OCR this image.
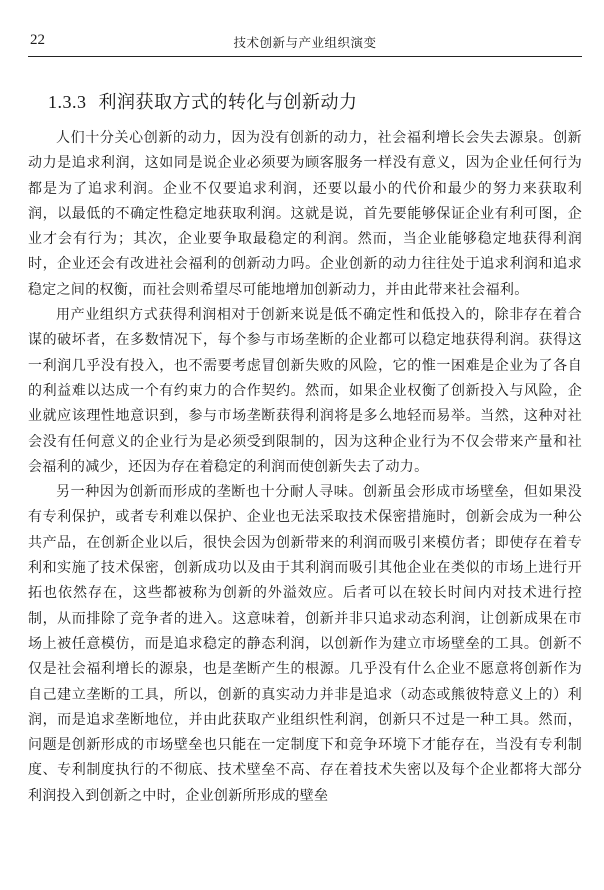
22	技术创新与产业组织演变
1.3.3 利润获取方式的转化与创新动力

人们十分关心创新的动力，因为没有创新的动力，社会福利增长会失去源泉。创新动力是追求利润，这如同是说企业必须要为顾客服务一样没有意义，因为企业任何行为都是为了追求利润。企业不仅要追求利润，还要以最小的代价和最少的努力来获取利润，以最低的不确定性稳定地获取利润。这就是说，首先要能够保证企业有利可图，企业才会有行为；其次，企业要争取最稳定的利润。然而，当企业能够稳定地获得利润时，企业还会有改进社会福利的创新动力吗。企业创新的动力往往处于追求利润和追求稳定之间的权衡，而社会则希望尽可能地增加创新动力，并由此带来社会福利。

用产业组织方式获得利润相对于创新来说是低不确定性和低投入的，除非存在着合谋的破坏者，在多数情况下，每个参与市场垄断的企业都可以稳定地获得利润。获得这一利润几乎没有投入，也不需要考虑冒创新失败的风险，它的惟一困难是企业为了各自的利益难以达成一个有约束力的合作契约。然而，如果企业权衡了创新投入与风险，企业就应该理性地意识到，参与市场垄断获得利润将是多么地轻而易举。当然，这种对社会没有任何意义的企业行为是必须受到限制的，因为这种企业行为不仅会带来产量和社会福利的减少，还因为存在着稳定的利润而使创新失去了动力。

另一种因为创新而形成的垄断也十分耐人寻味。创新虽会形成市场壁垒，但如果没有专利保护，或者专利难以保护、企业也无法采取技术保密措施时，创新会成为一种公共产品，在创新企业以后，很快会因为创新带来的利润而吸引来模仿者；即使存在着专利和实施了技术保密，创新成功以及由于其利润而吸引其他企业在类似的市场上进行开拓也依然存在，这些都被称为创新的外溢效应。后者可以在较长时间内对技术进行控制，从而排除了竞争者的进入。这意味着，创新并非只追求动态利润，让创新成果在市场上被任意模仿，而是追求稳定的静态利润，以创新作为建立市场壁垒的工具。创新不仅是社会福利增长的源泉，也是垄断产生的根源。几乎没有什么企业不愿意将创新作为自己建立垄断的工具，所以，创新的真实动力并非是追求（动态或熊彼特意义上的）利润，而是追求垄断地位，并由此获取产业组织性利润，创新只不过是一种工具。然而，问题是创新形成的市场壁垒也只能在一定制度下和竞争环境下才能存在，当没有专利制度、专利制度执行的不彻底、技术壁垒不高、存在着技术失密以及每个企业都将大部分利润投入到创新之中时，企业创新所形成的壁垒
